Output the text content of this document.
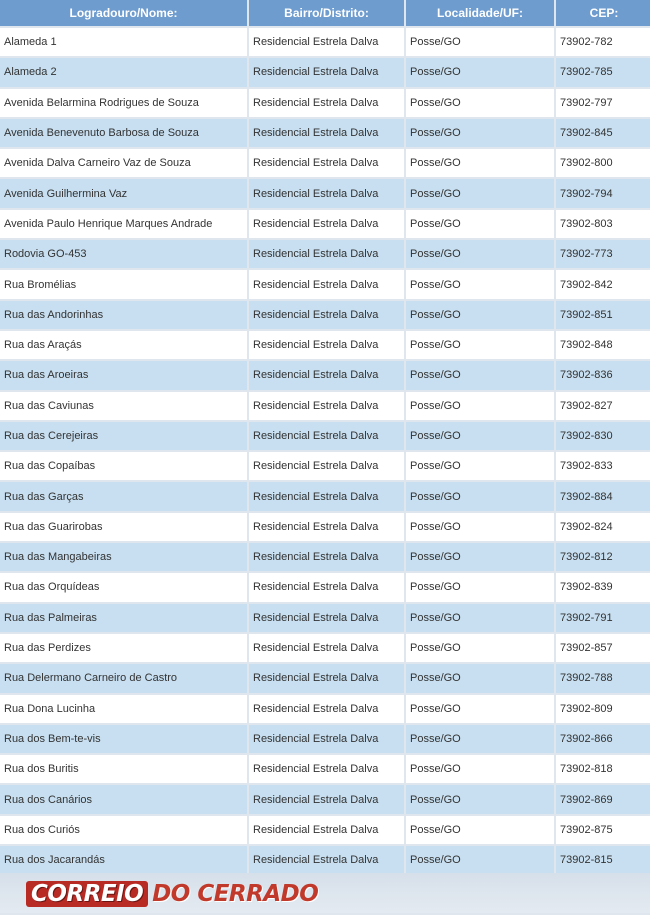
Logradouro/Nome:	Bairro/Distrito:	Localidade/UF:	CEP:
Alameda 1	Residencial Estrela Dalva	Posse/GO	73902-782
Alameda 2	Residencial Estrela Dalva	Posse/GO	73902-785
Avenida Belarmina Rodrigues de Souza	Residencial Estrela Dalva	Posse/GO	73902-797
Avenida Benevenuto Barbosa de Souza	Residencial Estrela Dalva	Posse/GO	73902-845
Avenida Dalva Carneiro Vaz de Souza	Residencial Estrela Dalva	Posse/GO	73902-800
Avenida Guilhermina Vaz	Residencial Estrela Dalva	Posse/GO	73902-794
Avenida Paulo Henrique Marques Andrade	Residencial Estrela Dalva	Posse/GO	73902-803
Rodovia GO-453	Residencial Estrela Dalva	Posse/GO	73902-773
Rua Bromélias	Residencial Estrela Dalva	Posse/GO	73902-842
Rua das Andorinhas	Residencial Estrela Dalva	Posse/GO	73902-851
Rua das Araçás	Residencial Estrela Dalva	Posse/GO	73902-848
Rua das Aroeiras	Residencial Estrela Dalva	Posse/GO	73902-836
Rua das Caviunas	Residencial Estrela Dalva	Posse/GO	73902-827
Rua das Cerejeiras	Residencial Estrela Dalva	Posse/GO	73902-830
Rua das Copaíbas	Residencial Estrela Dalva	Posse/GO	73902-833
Rua das Garças	Residencial Estrela Dalva	Posse/GO	73902-884
Rua das Guarirobas	Residencial Estrela Dalva	Posse/GO	73902-824
Rua das Mangabeiras	Residencial Estrela Dalva	Posse/GO	73902-812
Rua das Orquídeas	Residencial Estrela Dalva	Posse/GO	73902-839
Rua das Palmeiras	Residencial Estrela Dalva	Posse/GO	73902-791
Rua das Perdizes	Residencial Estrela Dalva	Posse/GO	73902-857
Rua Delermano Carneiro de Castro	Residencial Estrela Dalva	Posse/GO	73902-788
Rua Dona Lucinha	Residencial Estrela Dalva	Posse/GO	73902-809
Rua dos Bem-te-vis	Residencial Estrela Dalva	Posse/GO	73902-866
Rua dos Buritis	Residencial Estrela Dalva	Posse/GO	73902-818
Rua dos Canários	Residencial Estrela Dalva	Posse/GO	73902-869
Rua dos Curiós	Residencial Estrela Dalva	Posse/GO	73902-875
Rua dos Jacarandás	Residencial Estrela Dalva	Posse/GO	73902-815
CORREIO DO CERRADO
